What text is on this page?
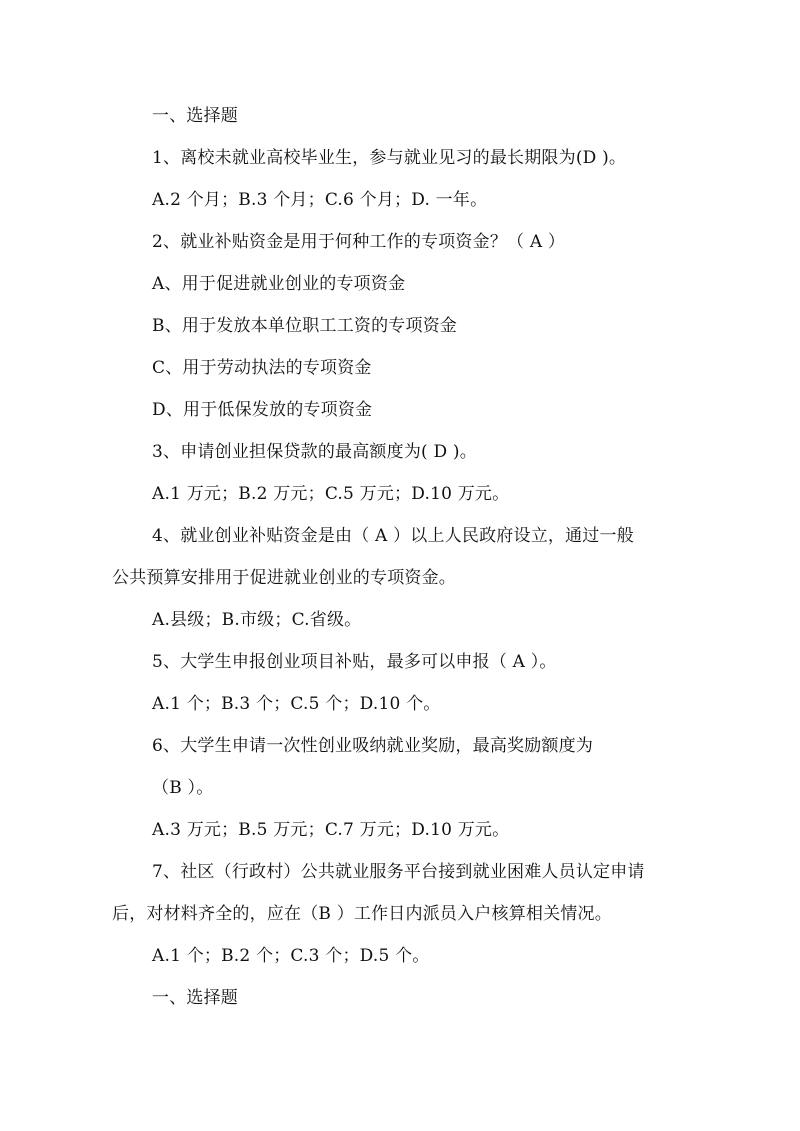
一、选择题
1、离校未就业高校毕业生，参与就业见习的最长期限为(D )。
A.2 个月；B.3 个月；C.6 个月；D. 一年。
2、就业补贴资金是用于何种工作的专项资金？（ A ）
A、用于促进就业创业的专项资金
B、用于发放本单位职工工资的专项资金
C、用于劳动执法的专项资金
D、用于低保发放的专项资金
3、申请创业担保贷款的最高额度为( D )。
A.1 万元；B.2 万元；C.5 万元；D.10 万元。
4、就业创业补贴资金是由（ A ）以上人民政府设立，通过一般
公共预算安排用于促进就业创业的专项资金。
A.县级；B.市级；C.省级。
5、大学生申报创业项目补贴，最多可以申报（ A ）。
A.1 个；B.3 个；C.5 个；D.10 个。
6、大学生申请一次性创业吸纳就业奖励，最高奖励额度为
（B ）。
A.3 万元；B.5 万元；C.7 万元；D.10 万元。
7、社区（行政村）公共就业服务平台接到就业困难人员认定申请
后，对材料齐全的，应在（B ）工作日内派员入户核算相关情况。
A.1 个；B.2 个；C.3 个；D.5 个。
一、选择题
